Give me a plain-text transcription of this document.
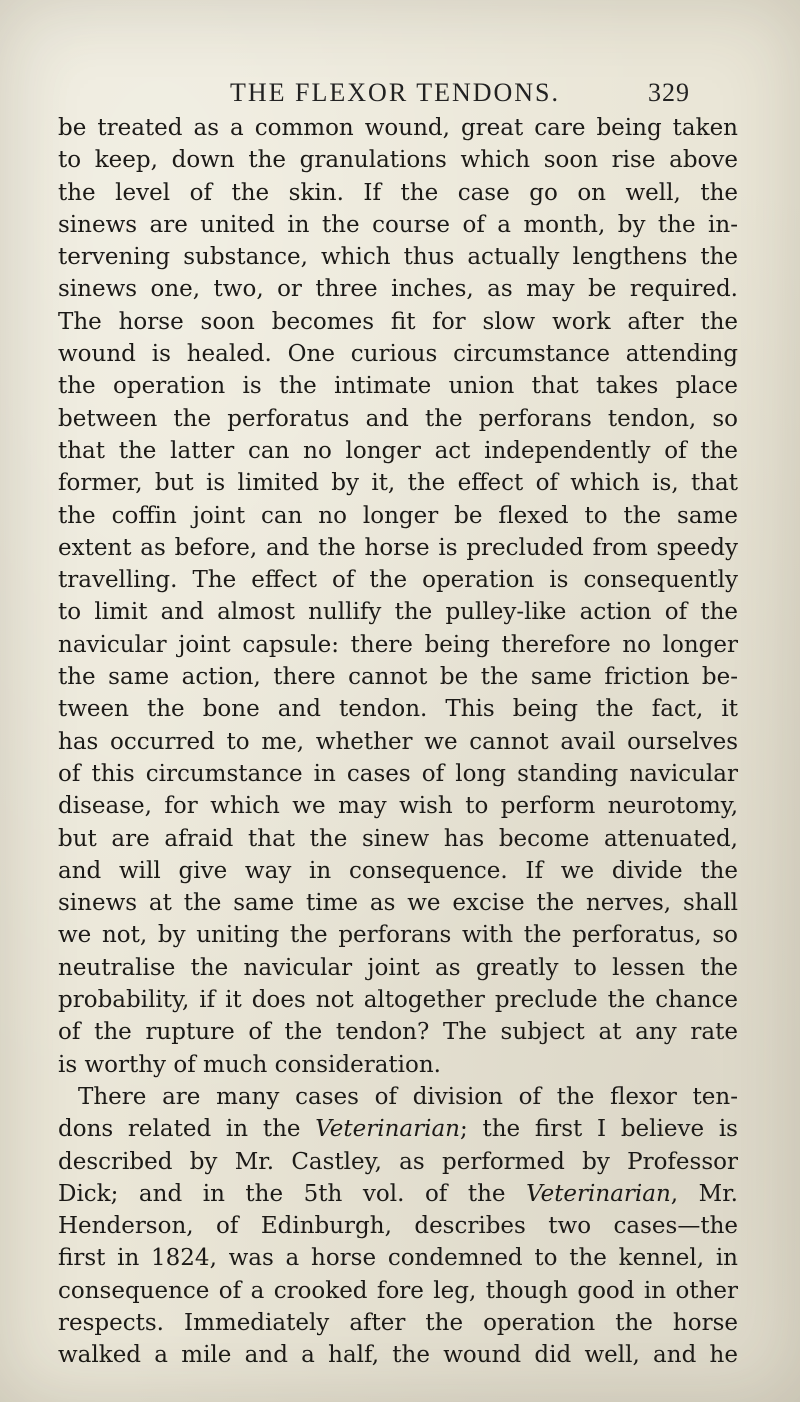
THE FLEXOR TENDONS.	329
be treated as a common wound, great care being taken
to keep, down the granulations which soon rise above
the level of the skin. If the case go on well, the
sinews are united in the course of a month, by the in-
tervening substance, which thus actually lengthens the
sinews one, two, or three inches, as may be required.
The horse soon becomes fit for slow work after the
wound is healed. One curious circumstance attending
the operation is the intimate union that takes place
between the perforatus and the perforans tendon, so
that the latter can no longer act independently of the
former, but is limited by it, the effect of which is, that
the coffin joint can no longer be flexed to the same
extent as before, and the horse is precluded from speedy
travelling. The effect of the operation is consequently
to limit and almost nullify the pulley-like action of the
navicular joint capsule: there being therefore no longer
the same action, there cannot be the same friction be-
tween the bone and tendon. This being the fact, it
has occurred to me, whether we cannot avail ourselves
of this circumstance in cases of long standing navicular
disease, for which we may wish to perform neurotomy,
but are afraid that the sinew has become attenuated,
and will give way in consequence. If we divide the
sinews at the same time as we excise the nerves, shall
we not, by uniting the perforans with the perforatus, so
neutralise the navicular joint as greatly to lessen the
probability, if it does not altogether preclude the chance
of the rupture of the tendon? The subject at any rate
is worthy of much consideration.
There are many cases of division of the flexor ten-
dons related in the Veterinarian; the first I believe is
described by Mr. Castley, as performed by Professor
Dick; and in the 5th vol. of the Veterinarian, Mr.
Henderson, of Edinburgh, describes two cases—the
first in 1824, was a horse condemned to the kennel, in
consequence of a crooked fore leg, though good in other
respects. Immediately after the operation the horse
walked a mile and a half, the wound did well, and he
